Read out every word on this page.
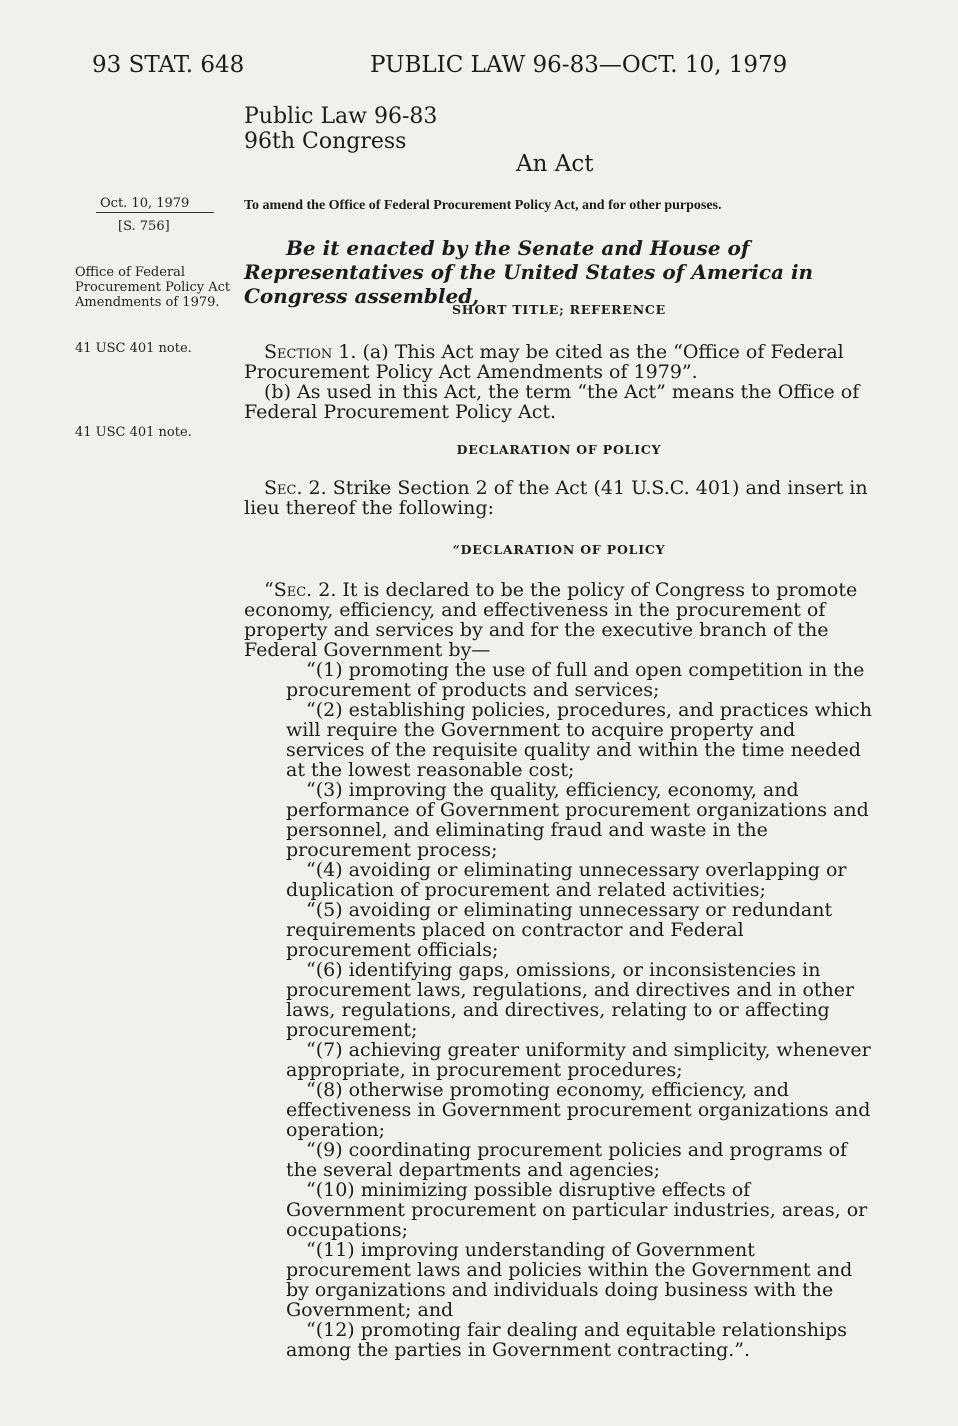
93 STAT. 648	PUBLIC LAW 96-83—OCT. 10, 1979
Public Law 96-83
96th Congress
An Act
To amend the Office of Federal Procurement Policy Act, and for other purposes.
Oct. 10, 1979
[S. 756]
Office of Federal Procurement Policy Act Amendments of 1979.
41 USC 401 note.
41 USC 401 note.
Be it enacted by the Senate and House of Representatives of the United States of America in Congress assembled,
SHORT TITLE; REFERENCE

Section 1. (a) This Act may be cited as the “Office of Federal Procurement Policy Act Amendments of 1979”.

(b) As used in this Act, the term “the Act” means the Office of Federal Procurement Policy Act.

DECLARATION OF POLICY

Sec. 2. Strike Section 2 of the Act (41 U.S.C. 401) and insert in lieu thereof the following:

“DECLARATION OF POLICY

“Sec. 2. It is declared to be the policy of Congress to promote economy, efficiency, and effectiveness in the procurement of property and services by and for the executive branch of the Federal Government by—

“(1) promoting the use of full and open competition in the procurement of products and services;

“(2) establishing policies, procedures, and practices which will require the Government to acquire property and services of the requisite quality and within the time needed at the lowest reasonable cost;

“(3) improving the quality, efficiency, economy, and performance of Government procurement organizations and personnel, and eliminating fraud and waste in the procurement process;

“(4) avoiding or eliminating unnecessary overlapping or duplication of procurement and related activities;

“(5) avoiding or eliminating unnecessary or redundant requirements placed on contractor and Federal procurement officials;

“(6) identifying gaps, omissions, or inconsistencies in procurement laws, regulations, and directives and in other laws, regulations, and directives, relating to or affecting procurement;

“(7) achieving greater uniformity and simplicity, whenever appropriate, in procurement procedures;

“(8) otherwise promoting economy, efficiency, and effectiveness in Government procurement organizations and operation;

“(9) coordinating procurement policies and programs of the several departments and agencies;

“(10) minimizing possible disruptive effects of Government procurement on particular industries, areas, or occupations;

“(11) improving understanding of Government procurement laws and policies within the Government and by organizations and individuals doing business with the Government; and

“(12) promoting fair dealing and equitable relationships among the parties in Government contracting.”.
